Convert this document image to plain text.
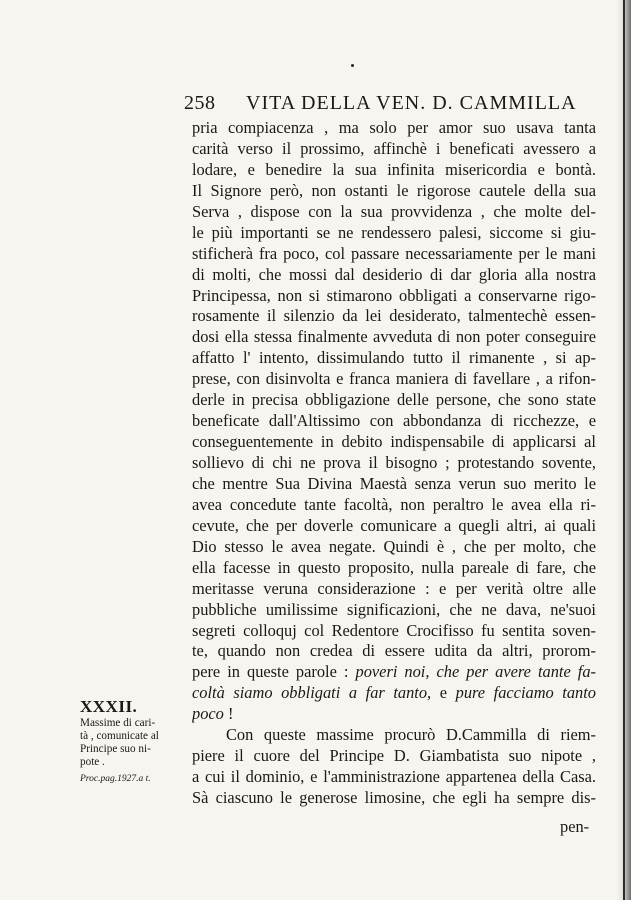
258 VITA DELLA VEN. D. CAMMILLA
pria compiacenza , ma solo per amor suo usava tanta
carità verso il prossimo, affinchè i beneficati avessero a
lodare, e benedire la sua infinita misericordia e bontà.
Il Signore però, non ostanti le rigorose cautele della sua
Serva , dispose con la sua provvidenza , che molte del-
le più importanti se ne rendessero palesi, siccome si giu-
stificherà fra poco, col passare necessariamente per le mani
di molti, che mossi dal desiderio di dar gloria alla nostra
Principessa, non si stimarono obbligati a conservarne rigo-
rosamente il silenzio da lei desiderato, talmentechè essen-
dosi ella stessa finalmente avveduta di non poter conseguire
affatto l' intento, dissimulando tutto il rimanente , si ap-
prese, con disinvolta e franca maniera di favellare , a rifon-
derle in precisa obbligazione delle persone, che sono state
beneficate dall'Altissimo con abbondanza di ricchezze, e
conseguentemente in debito indispensabile di applicarsi al
sollievo di chi ne prova il bisogno ; protestando sovente,
che mentre Sua Divina Maestà senza verun suo merito le
avea concedute tante facoltà, non peraltro le avea ella ri-
cevute, che per doverle comunicare a quegli altri, ai quali
Dio stesso le avea negate. Quindi è , che per molto, che
ella facesse in questo proposito, nulla pareale di fare, che
meritasse veruna considerazione : e per verità oltre alle
pubbliche umilissime significazioni, che ne dava, ne'suoi
segreti colloquj col Redentore Crocifisso fu sentita soven-
te, quando non credea di essere udita da altri, prorom-
pere in queste parole : poveri noi, che per avere tante fa-
coltà siamo obbligati a far tanto, e pure facciamo tanto
poco !
Con queste massime procurò D.Cammilla di riem-
piere il cuore del Principe D. Giambatista suo nipote ,
a cui il dominio, e l'amministrazione appartenea della Casa.
Sà ciascuno le generose limosine, che egli ha sempre dis-
XXXII.
Massime di cari-
tà , comunicate al
Principe suo ni-
pote .
Proc.pag.1927.a t.
pen-
